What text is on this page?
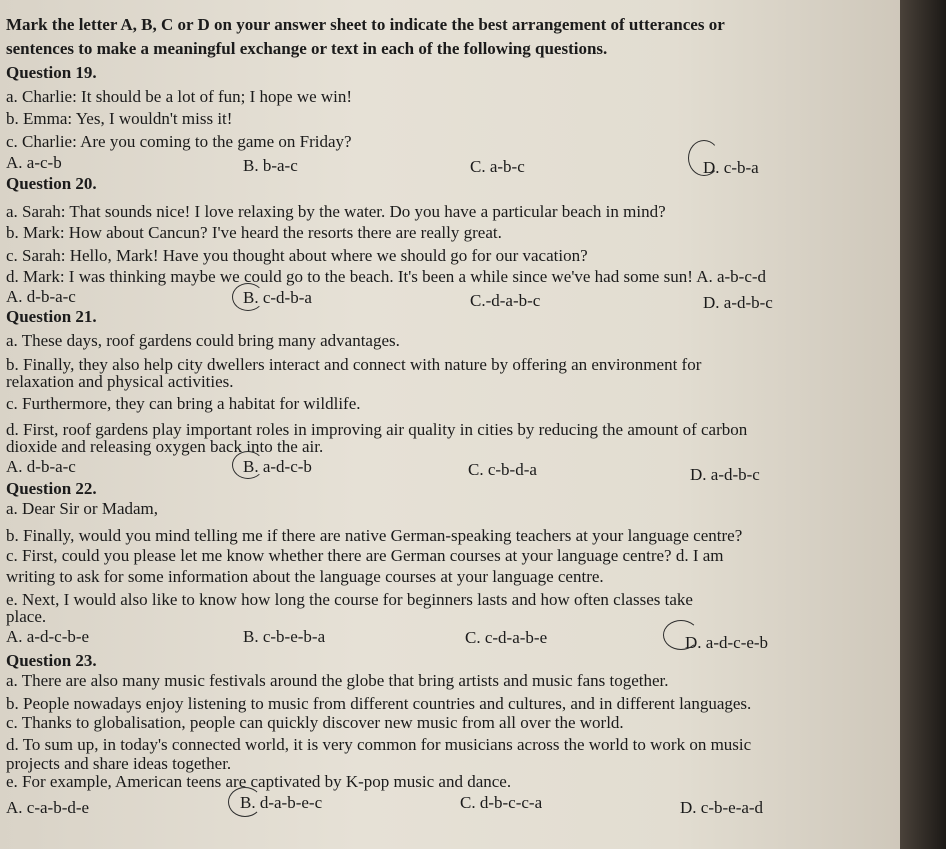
Mark the letter A, B, C or D on your answer sheet to indicate the best arrangement of utterances or
sentences to make a meaningful exchange or text in each of the following questions.
Question 19.
a. Charlie: It should be a lot of fun; I hope we win!
b. Emma: Yes, I wouldn't miss it!
c. Charlie: Are you coming to the game on Friday?
A. a-c-b	B. b-a-c	C. a-b-c	D. c-b-a
Question 20.
a. Sarah: That sounds nice! I love relaxing by the water. Do you have a particular beach in mind?
b. Mark: How about Cancun? I've heard the resorts there are really great.
c. Sarah: Hello, Mark! Have you thought about where we should go for our vacation?
d. Mark: I was thinking maybe we could go to the beach. It's been a while since we've had some sun! A. a-b-c-d
A. d-b-a-c	B. c-d-b-a	C.-d-a-b-c	D. a-d-b-c
Question 21.
a. These days, roof gardens could bring many advantages.
b. Finally, they also help city dwellers interact and connect with nature by offering an environment for
relaxation and physical activities.
c. Furthermore, they can bring a habitat for wildlife.
d. First, roof gardens play important roles in improving air quality in cities by reducing the amount of carbon
dioxide and releasing oxygen back into the air.
A. d-b-a-c	B. a-d-c-b	C. c-b-d-a	D. a-d-b-c
Question 22.
a. Dear Sir or Madam,
b. Finally, would you mind telling me if there are native German-speaking teachers at your language centre?
c. First, could you please let me know whether there are German courses at your language centre? d. I am
writing to ask for some information about the language courses at your language centre.
e. Next, I would also like to know how long the course for beginners lasts and how often classes take
place.
A. a-d-c-b-e	B. c-b-e-b-a	C. c-d-a-b-e	D. a-d-c-e-b
Question 23.
a. There are also many music festivals around the globe that bring artists and music fans together.
b. People nowadays enjoy listening to music from different countries and cultures, and in different languages.
c. Thanks to globalisation, people can quickly discover new music from all over the world.
d. To sum up, in today's connected world, it is very common for musicians across the world to work on music
projects and share ideas together.
e. For example, American teens are captivated by K-pop music and dance.
A. c-a-b-d-e	B. d-a-b-e-c	C. d-b-c-c-a	D. c-b-e-a-d
